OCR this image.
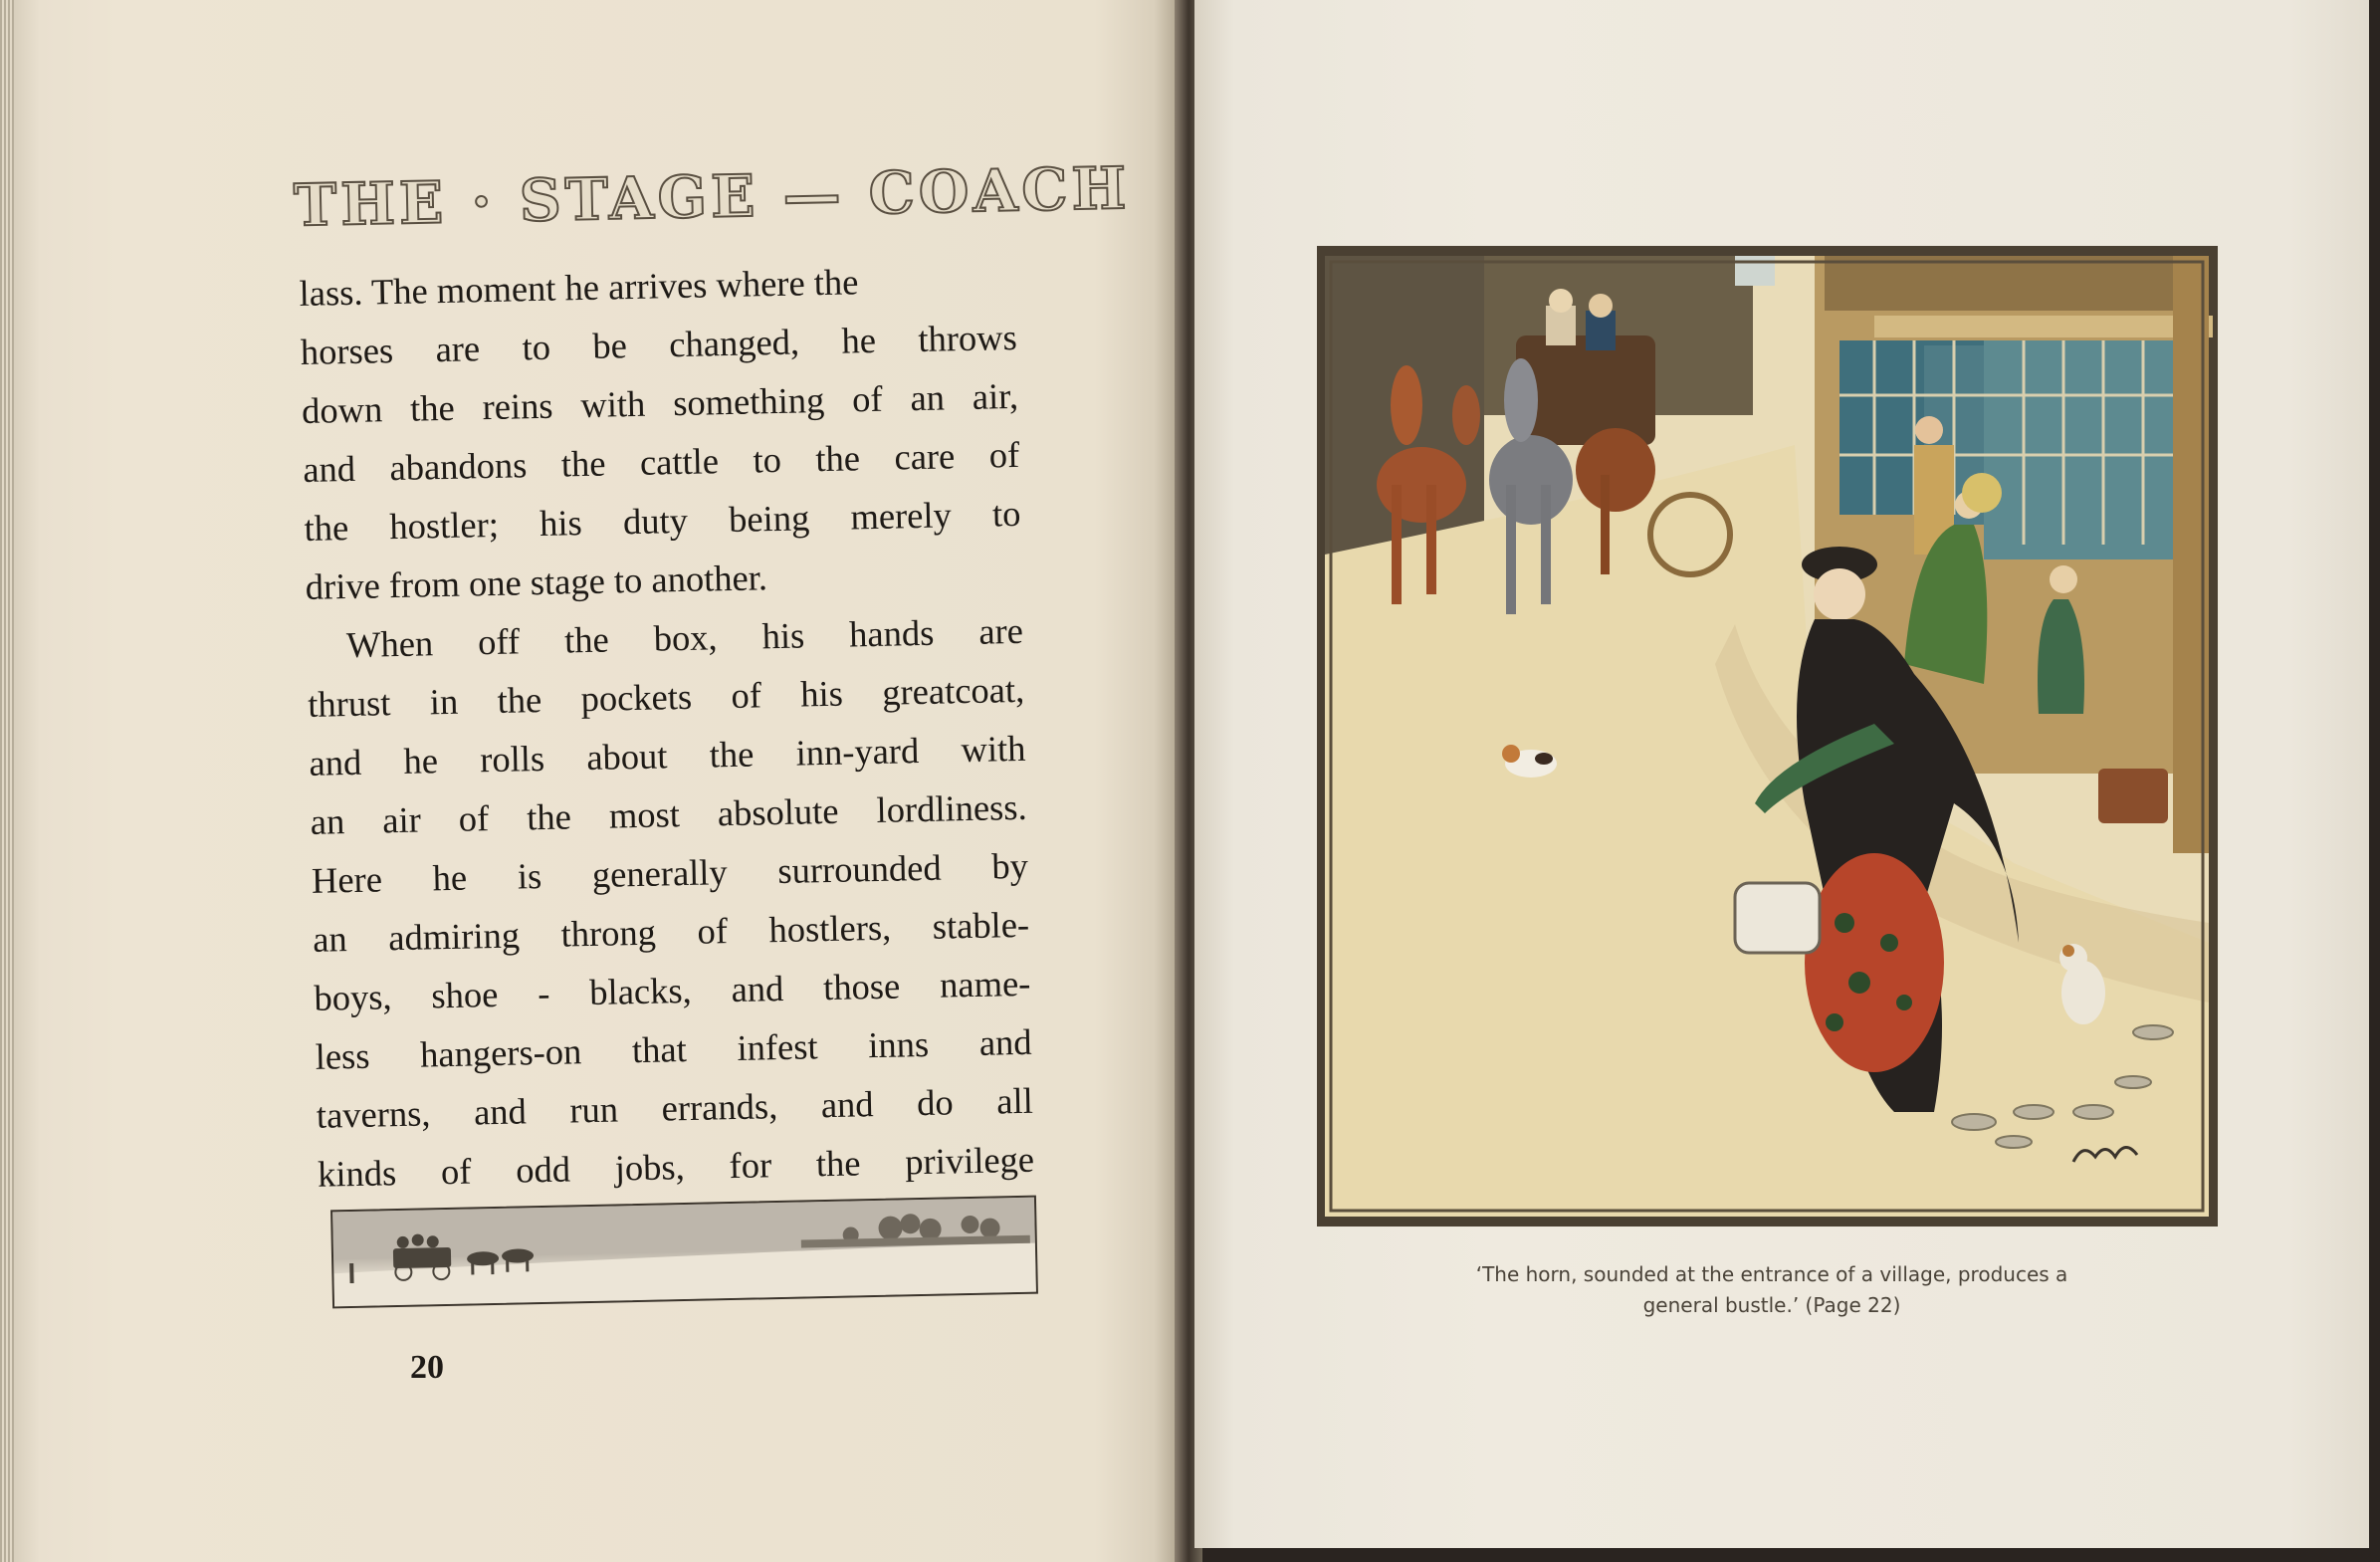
THE · STAGE — COACH
lass. The moment he arrives where the
horses are to be changed, he throws
down the reins with something of an air,
and abandons the cattle to the care of
the hostler; his duty being merely to
drive from one stage to another.
When off the box, his hands are
thrust in the pockets of his greatcoat,
and he rolls about the inn-yard with
an air of the most absolute lordliness.
Here he is generally surrounded by
an admiring throng of hostlers, stable-
boys, shoe - blacks, and those name-
less hangers-on that infest inns and
taverns, and run errands, and do all
kinds of odd jobs, for the privilege
20
‘The horn, sounded at the entrance of a village, produces a
general bustle.’ (Page 22)
